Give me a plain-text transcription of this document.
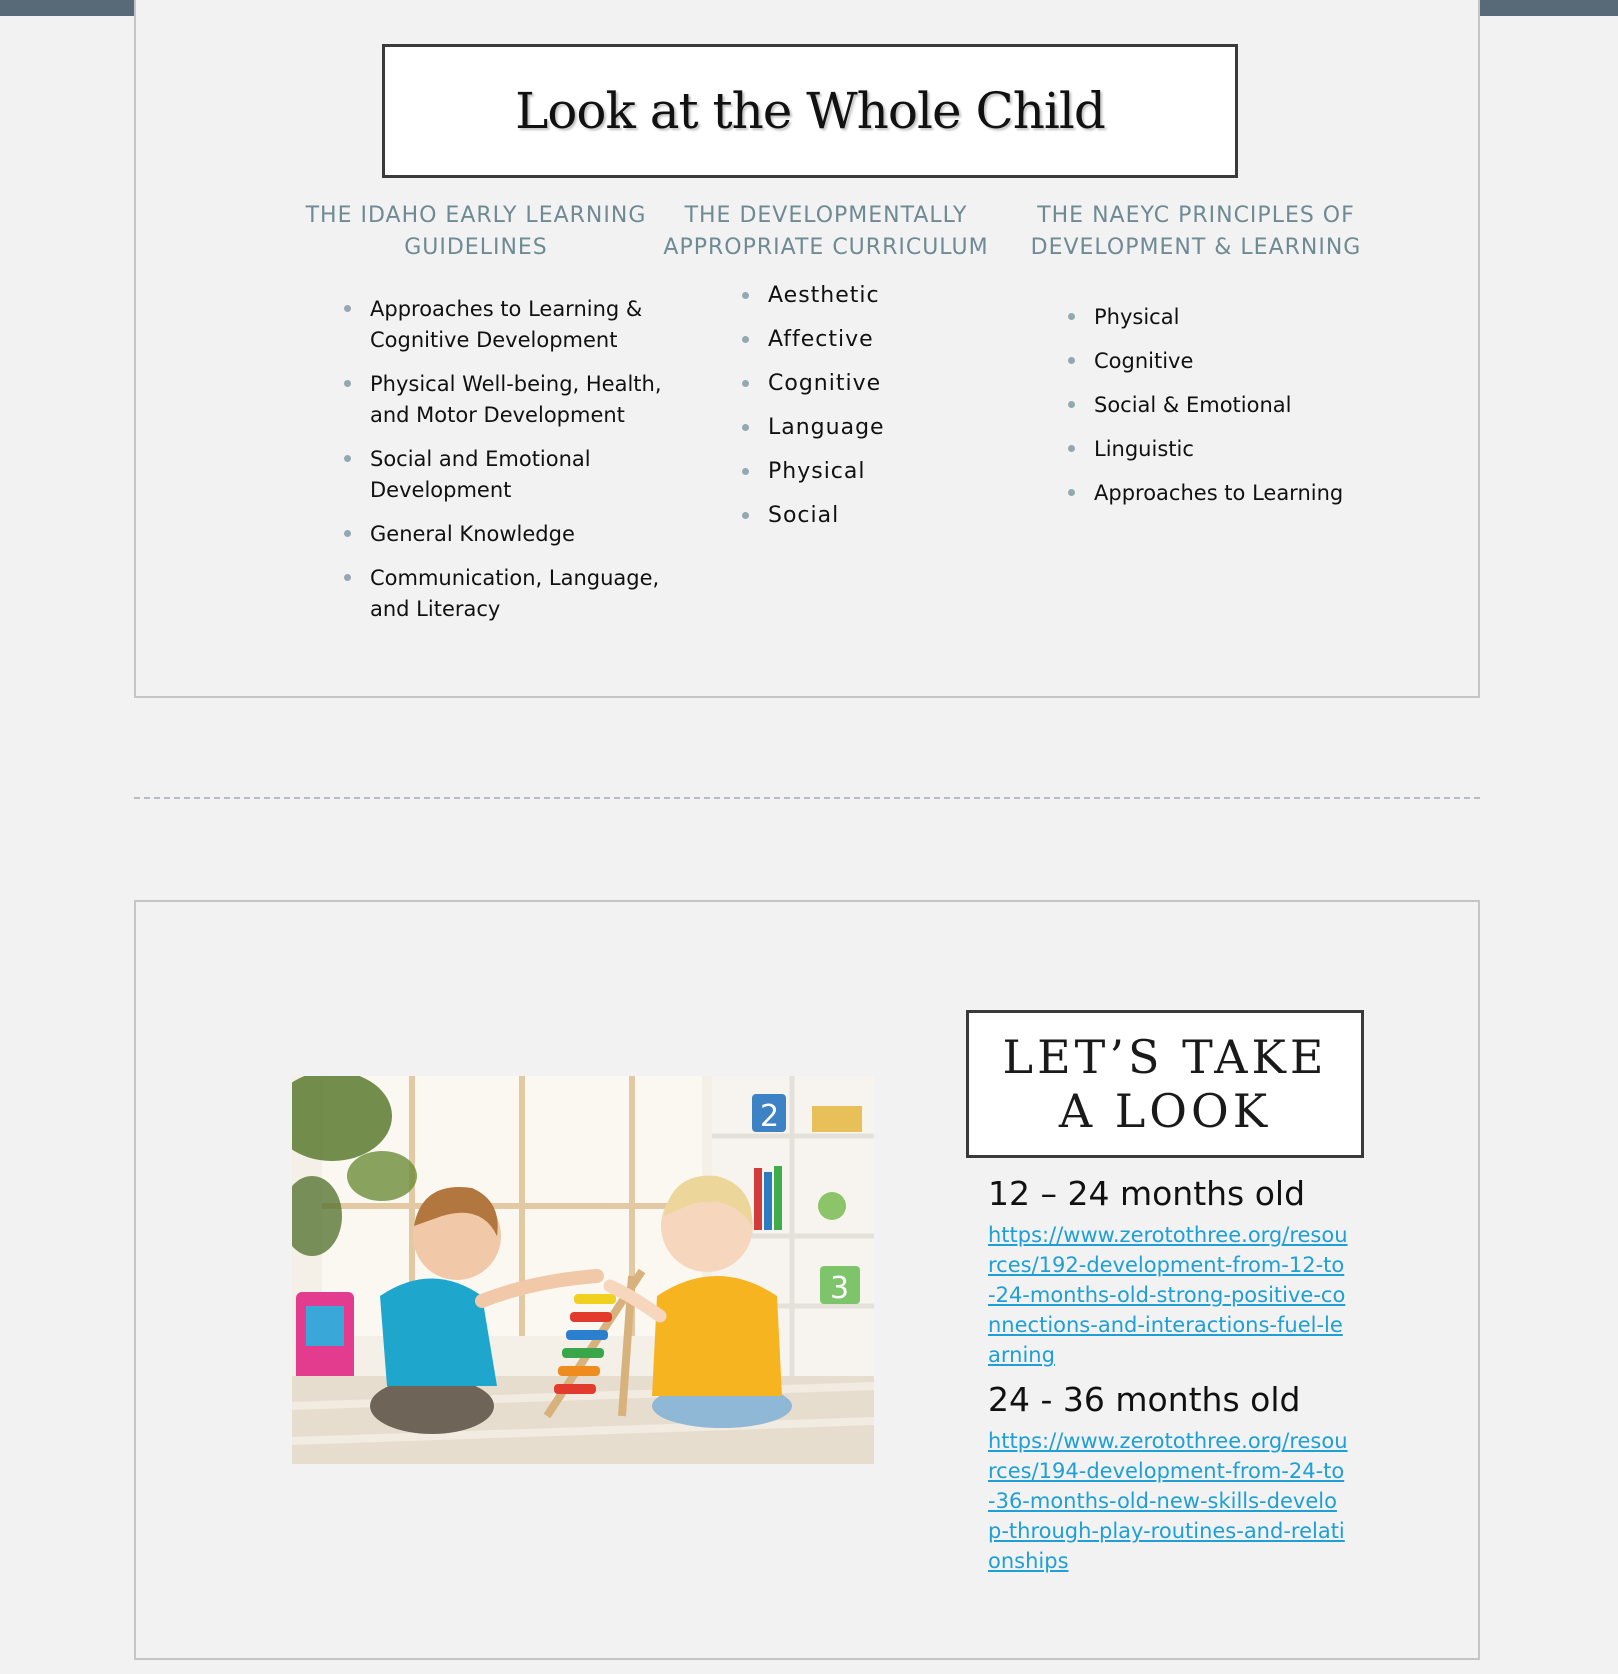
Look at the Whole Child
THE IDAHO EARLY LEARNING GUIDELINES
THE DEVELOPMENTALLY APPROPRIATE CURRICULUM
THE NAEYC PRINCIPLES OF DEVELOPMENT & LEARNING
Approaches to Learning & Cognitive Development
Physical Well-being, Health, and Motor Development
Social and Emotional Development
General Knowledge
Communication, Language, and Literacy
Aesthetic
Affective
Cognitive
Language
Physical
Social
Physical
Cognitive
Social & Emotional
Linguistic
Approaches to Learning
2
3
LET’S TAKE A LOOK
12 – 24 months old
https://www.zerotothree.org/resources/192-development-from-12-to-24-months-old-strong-positive-connections-and-interactions-fuel-learning
24 - 36 months old
https://www.zerotothree.org/resources/194-development-from-24-to-36-months-old-new-skills-develop-through-play-routines-and-relationships
